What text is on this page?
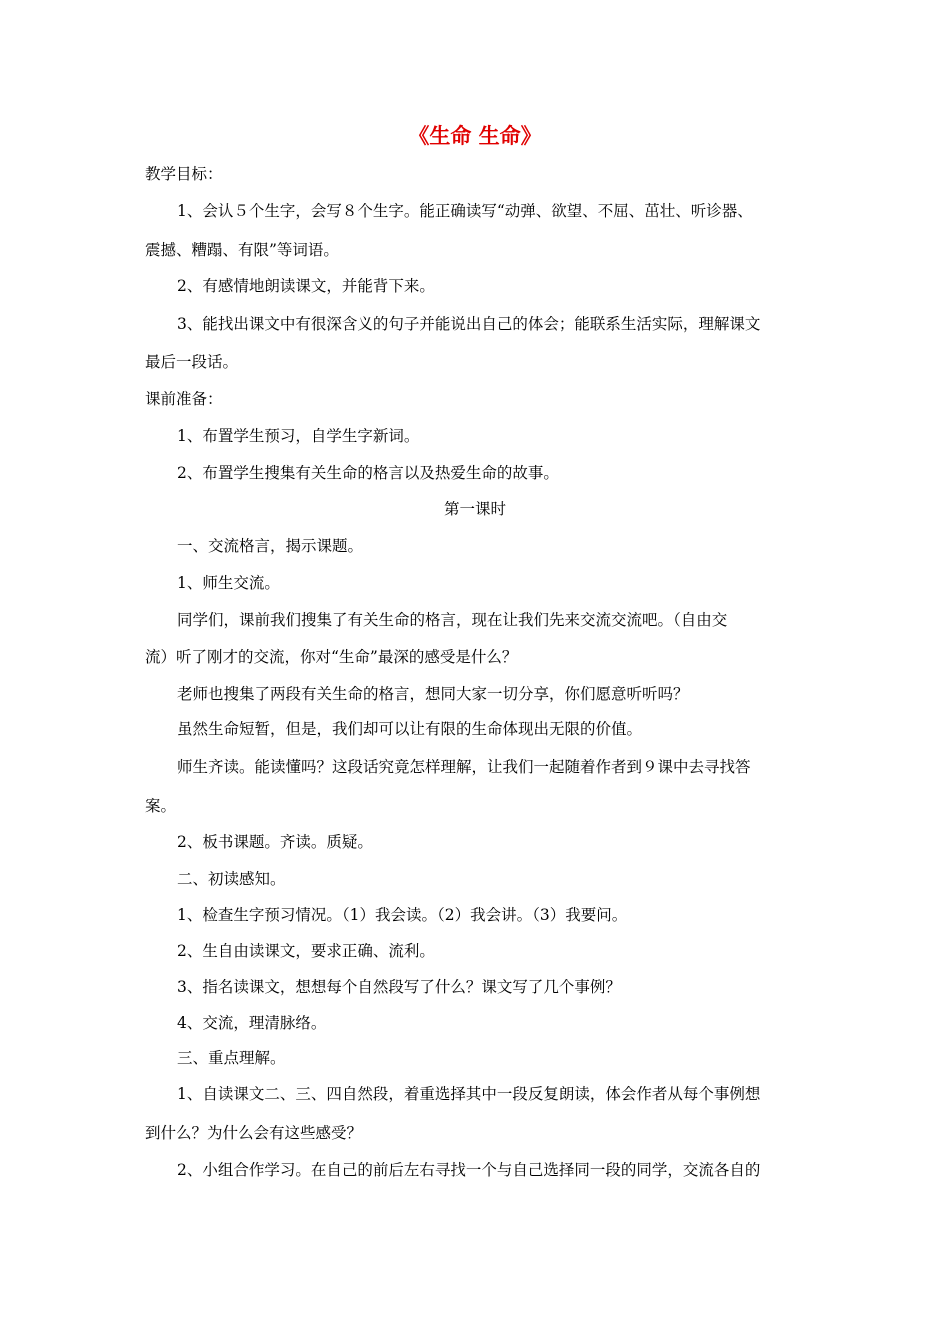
《生命 生命》
教学目标：
1、会认５个生字，会写８个生字。能正确读写“动弹、欲望、不屈、茁壮、听诊器、
震撼、糟蹋、有限”等词语。
2、有感情地朗读课文，并能背下来。
3、能找出课文中有很深含义的句子并能说出自己的体会；能联系生活实际，理解课文
最后一段话。
课前准备：
1、布置学生预习，自学生字新词。
2、布置学生搜集有关生命的格言以及热爱生命的故事。
第一课时
一、交流格言，揭示课题。
1、师生交流。
同学们，课前我们搜集了有关生命的格言，现在让我们先来交流交流吧。（自由交
流）听了刚才的交流，你对“生命”最深的感受是什么？
老师也搜集了两段有关生命的格言，想同大家一切分享，你们愿意听听吗？
虽然生命短暂，但是，我们却可以让有限的生命体现出无限的价值。
师生齐读。能读懂吗？这段话究竟怎样理解，让我们一起随着作者到９课中去寻找答
案。
2、板书课题。齐读。质疑。
二、初读感知。
1、检查生字预习情况。（1）我会读。（2）我会讲。（3）我要问。
2、生自由读课文，要求正确、流利。
3、指名读课文，想想每个自然段写了什么？课文写了几个事例？
4、交流，理清脉络。
三、重点理解。
1、自读课文二、三、四自然段，着重选择其中一段反复朗读，体会作者从每个事例想
到什么？为什么会有这些感受？
2、小组合作学习。在自己的前后左右寻找一个与自己选择同一段的同学，交流各自的
